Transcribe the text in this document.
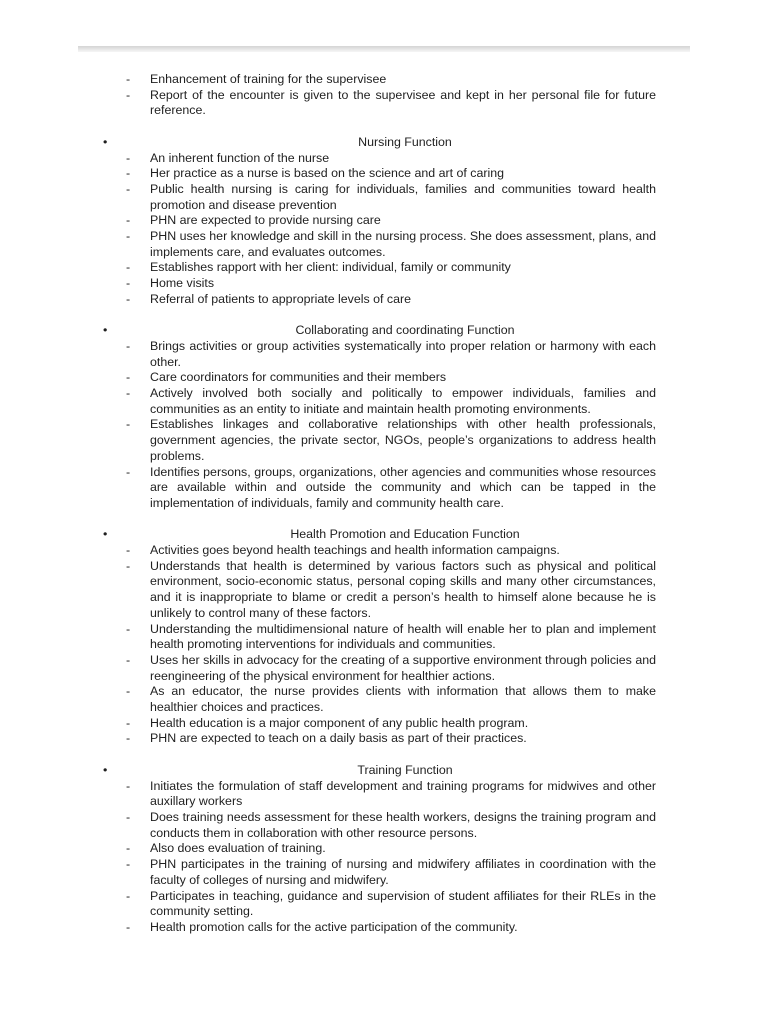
- Enhancement of training for the supervisee
- Report of the encounter is given to the supervisee and kept in her personal file for future reference.
•	Nursing Function
- An inherent function of the nurse
- Her practice as a nurse is based on the science and art of caring
- Public health nursing is caring for individuals, families and communities toward health promotion and disease prevention
- PHN are expected to provide nursing care
- PHN uses her knowledge and skill in the nursing process. She does assessment, plans, and implements care, and evaluates outcomes.
- Establishes rapport with her client: individual, family or community
- Home visits
- Referral of patients to appropriate levels of care
•	Collaborating and coordinating Function
- Brings activities or group activities systematically into proper relation or harmony with each other.
- Care coordinators for communities and their members
- Actively involved both socially and politically to empower individuals, families and communities as an entity to initiate and maintain health promoting environments.
- Establishes linkages and collaborative relationships with other health professionals, government agencies, the private sector, NGOs, people’s organizations to address health problems.
- Identifies persons, groups, organizations, other agencies and communities whose resources are available within and outside the community and which can be tapped in the implementation of individuals, family and community health care.
•	Health Promotion and Education Function
- Activities goes beyond health teachings and health information campaigns.
- Understands that health is determined by various factors such as physical and political environment, socio-economic status, personal coping skills and many other circumstances, and it is inappropriate to blame or credit a person’s health to himself alone because he is unlikely to control many of these factors.
- Understanding the multidimensional nature of health will enable her to plan and implement health promoting interventions for individuals and communities.
- Uses her skills in advocacy for the creating of a supportive environment through policies and reengineering of the physical environment for healthier actions.
- As an educator, the nurse provides clients with information that allows them to make healthier choices and practices.
- Health education is a major component of any public health program.
- PHN are expected to teach on a daily basis as part of their practices.
•	Training Function
- Initiates the formulation of staff development and training programs for midwives and other auxillary workers
- Does training needs assessment for these health workers, designs the training program and conducts them in collaboration with other resource persons.
- Also does evaluation of training.
- PHN participates in the training of nursing and midwifery affiliates in coordination with the faculty of colleges of nursing and midwifery.
- Participates in teaching, guidance and supervision of student affiliates for their RLEs in the community setting.
- Health promotion calls for the active participation of the community.
